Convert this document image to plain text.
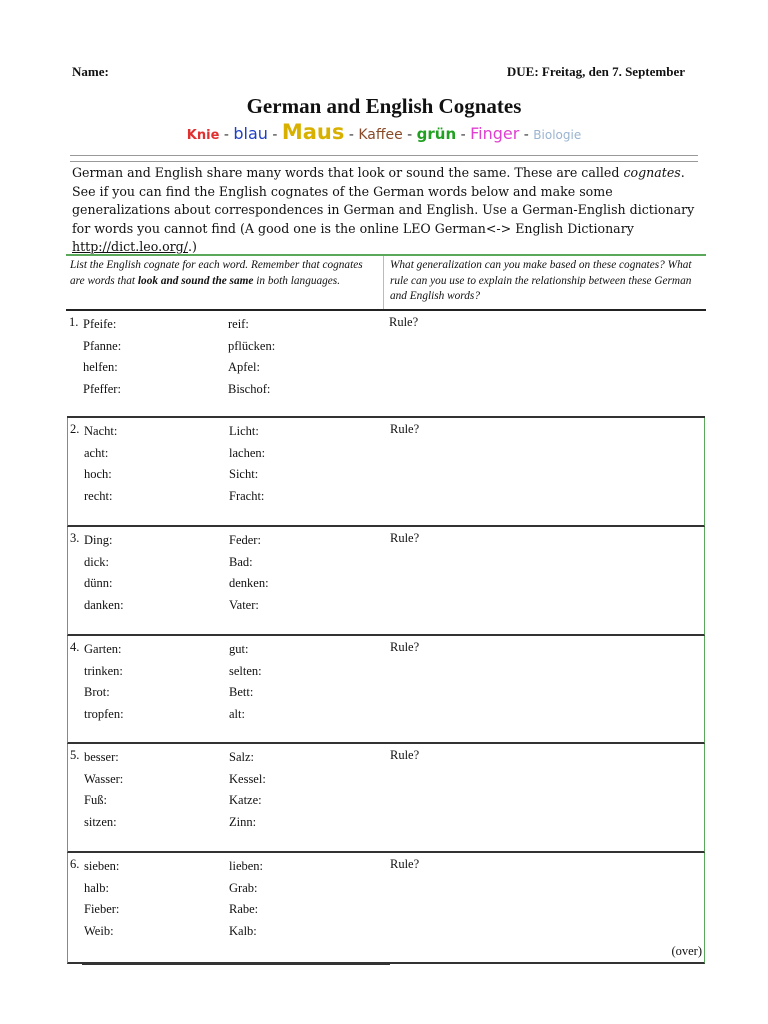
Name:	DUE: Freitag, den 7. September
German and English Cognates
Knie - blau - Maus - Kaffee - grün - Finger - Biologie
German and English share many words that look or sound the same. These are called cognates. See if you can find the English cognates of the German words below and make some generalizations about correspondences in German and English. Use a German-English dictionary for words you cannot find (A good one is the online LEO German<-> English Dictionary http://dict.leo.org/.)
List the English cognate for each word. Remember that cognates are words that look and sound the same in both languages.
What generalization can you make based on these cognates? What rule can you use to explain the relationship between these German and English words?
1. Pfeife:
Pfanne:
helfen:
Pfeffer:
reif:
pflücken:
Apfel:
Bischof:
Rule?
2. Nacht:
acht:
hoch:
recht:
Licht:
lachen:
Sicht:
Fracht:
Rule?
3. Ding:
dick:
dünn:
danken:
Feder:
Bad:
denken:
Vater:
Rule?
4. Garten:
trinken:
Brot:
tropfen:
gut:
selten:
Bett:
alt:
Rule?
5. besser:
Wasser:
Fuß:
sitzen:
Salz:
Kessel:
Katze:
Zinn:
Rule?
6. sieben:
halb:
Fieber:
Weib:
lieben:
Grab:
Rabe:
Kalb:
Rule?
(over)
